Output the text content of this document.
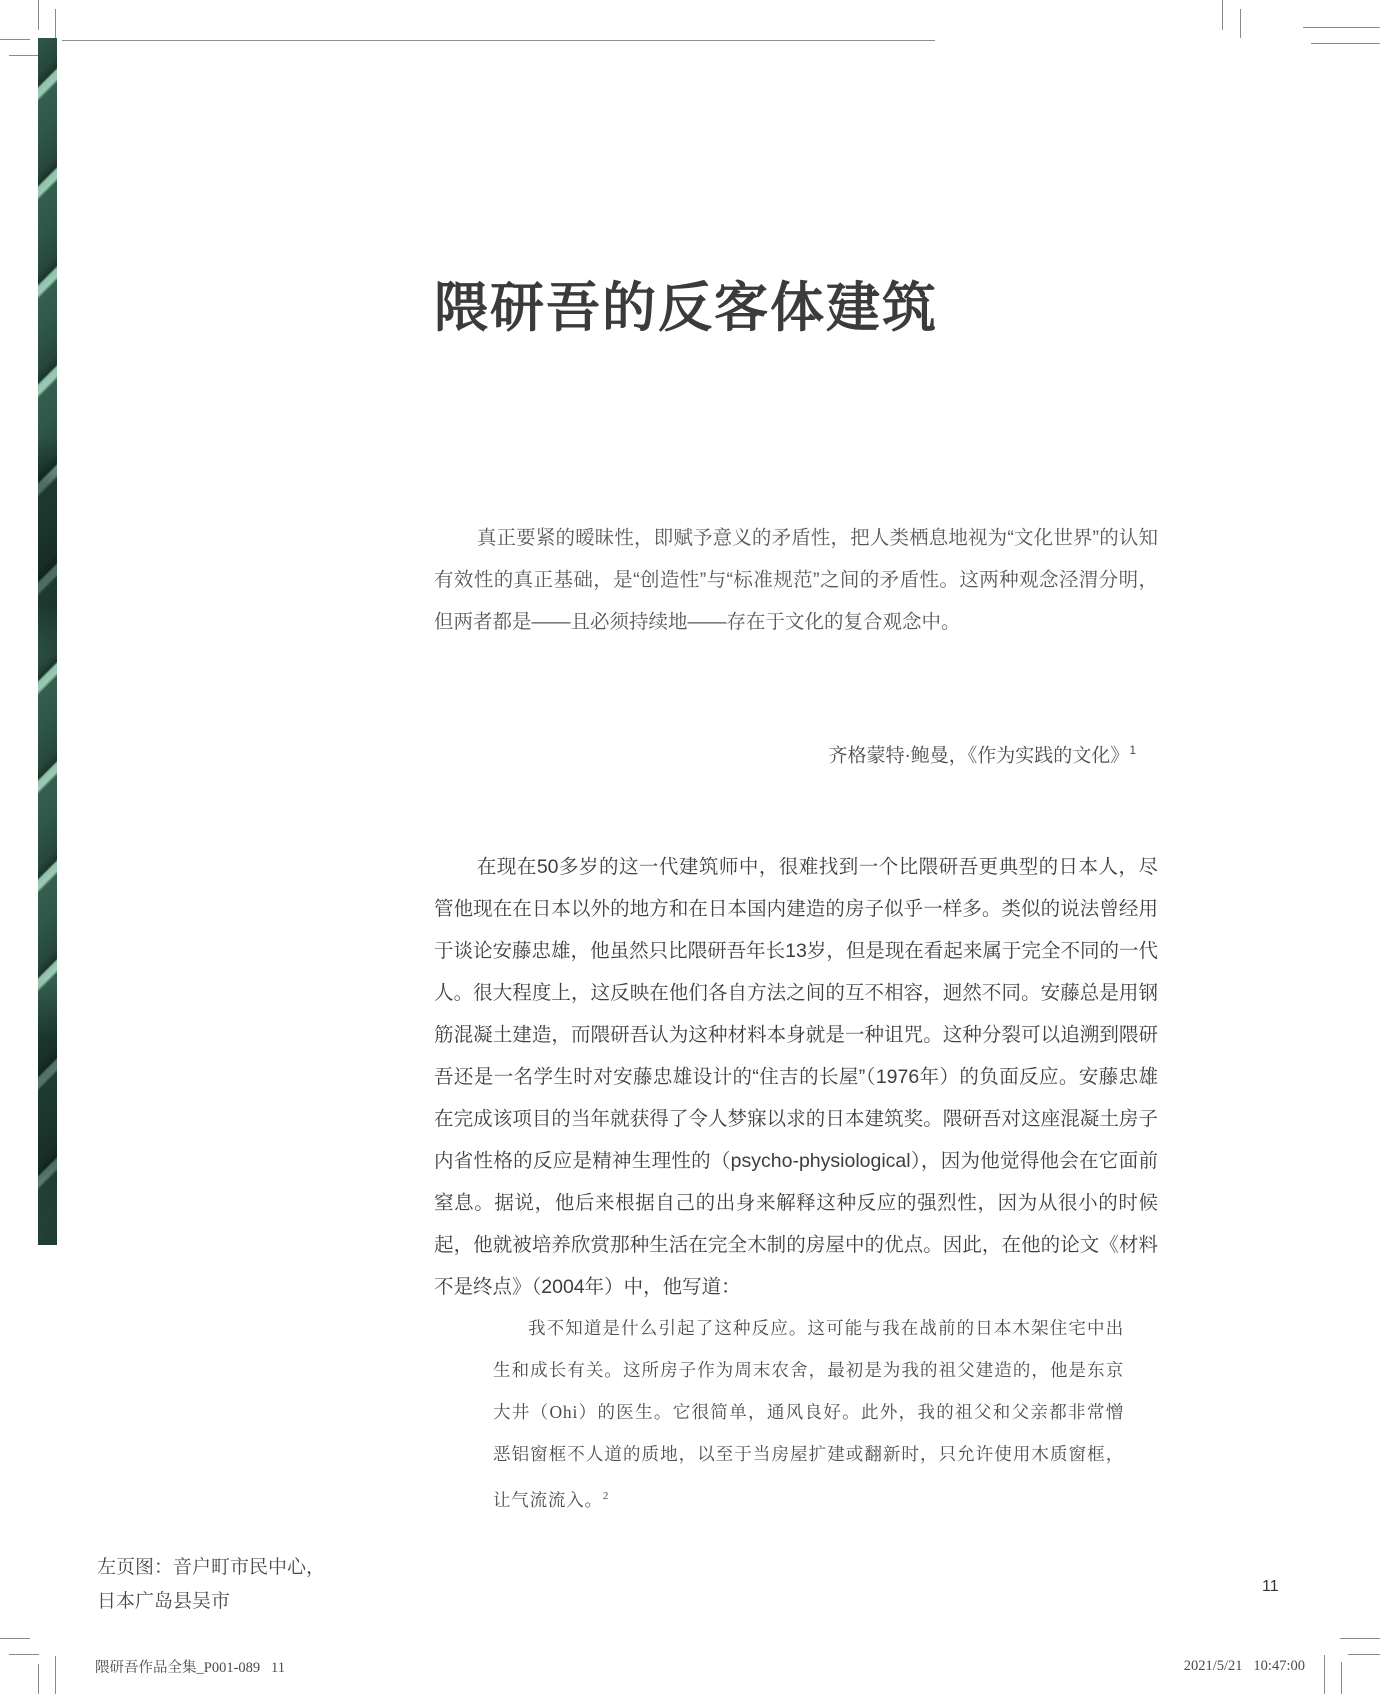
隈研吾的反客体建筑

真正要紧的暧昧性，即赋予意义的矛盾性，把人类栖息地视为“文化世界”的认知有效性的真正基础，是“创造性”与“标准规范”之间的矛盾性。这两种观念泾渭分明，但两者都是——且必须持续地——存在于文化的复合观念中。

齐格蒙特·鲍曼，《作为实践的文化》$^1$

在现在50多岁的这一代建筑师中，很难找到一个比隈研吾更典型的日本人，尽管他现在在日本以外的地方和在日本国内建造的房子似乎一样多。类似的说法曾经用于谈论安藤忠雄，他虽然只比隈研吾年长13岁，但是现在看起来属于完全不同的一代人。很大程度上，这反映在他们各自方法之间的互不相容，迥然不同。安藤总是用钢筋混凝土建造，而隈研吾认为这种材料本身就是一种诅咒。这种分裂可以追溯到隈研吾还是一名学生时对安藤忠雄设计的“住吉的长屋”（1976年）的负面反应。安藤忠雄在完成该项目的当年就获得了令人梦寐以求的日本建筑奖。隈研吾对这座混凝土房子内省性格的反应是精神生理性的（psycho-physiological），因为他觉得他会在它面前窒息。据说，他后来根据自己的出身来解释这种反应的强烈性，因为从很小的时候起，他就被培养欣赏那种生活在完全木制的房屋中的优点。因此，在他的论文《材料不是终点》（2004年）中，他写道：

我不知道是什么引起了这种反应。这可能与我在战前的日本木架住宅中出生和成长有关。这所房子作为周末农舍，最初是为我的祖父建造的，他是东京大井（Ohi）的医生。它很简单，通风良好。此外，我的祖父和父亲都非常憎恶铝窗框不人道的质地，以至于当房屋扩建或翻新时，只允许使用木质窗框，让气流流入。$^2$

左页图：音户町市民中心，
日本广岛县吴市
11
隈研吾作品全集_P001-089   11	2021/5/21   10:47:00
